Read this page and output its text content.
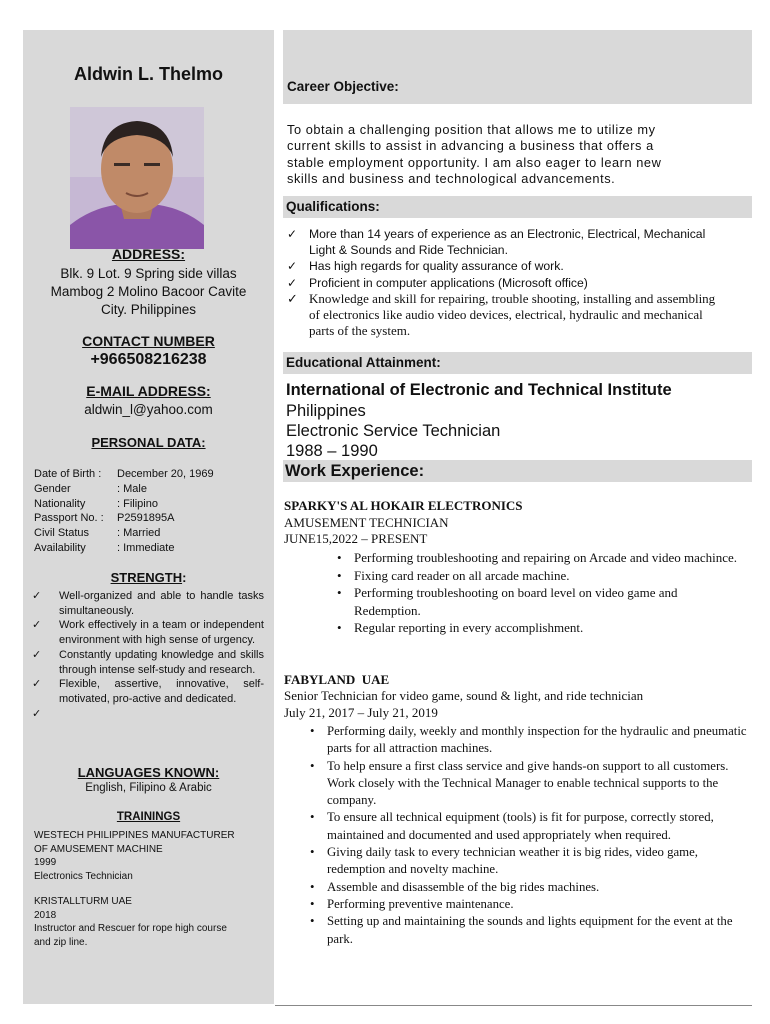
Aldwin L. Thelmo
ADDRESS:
Blk. 9 Lot. 9 Spring side villas
Mambog 2 Molino Bacoor Cavite
City. Philippines
CONTACT NUMBER
+966508216238
E-MAIL ADDRESS:
aldwin_l@yahoo.com
PERSONAL DATA:
Date of Birth : December 20, 1969
Gender	: Male
Nationality	: Filipino
Passport No. : P2591895A
Civil Status	: Married
Availability	: Immediate
STRENGTH:
✓ Well-organized and able to handle tasks simultaneously.
✓ Work effectively in a team or independent environment with high sense of urgency.
✓ Constantly updating knowledge and skills through intense self-study and research.
✓ Flexible, assertive, innovative, self-motivated, pro-active and dedicated.
✓
LANGUAGES KNOWN:
English, Filipino & Arabic
TRAININGS
WESTECH PHILIPPINES MANUFACTURER
OF AMUSEMENT MACHINE
1999
Electronics Technician
KRISTALLTURM UAE
2018
Instructor and Rescuer for rope high course
and zip line.
Career Objective:
To obtain a challenging position that allows me to utilize my
current skills to assist in advancing a business that offers a
stable employment opportunity. I am also eager to learn new
skills and business and technological advancements.
Qualifications:
✓ More than 14 years of experience as an Electronic, Electrical, Mechanical Light & Sounds and Ride Technician.
✓ Has high regards for quality assurance of work.
✓ Proficient in computer applications (Microsoft office)
✓ Knowledge and skill for repairing, trouble shooting, installing and assembling of electronics like audio video devices, electrical, hydraulic and mechanical parts of the system.
Educational Attainment:
International of Electronic and Technical Institute
Philippines
Electronic Service Technician
1988 – 1990
Work Experience:
SPARKY'S AL HOKAIR ELECTRONICS
AMUSEMENT TECHNICIAN
JUNE15,2022 – PRESENT
• Performing troubleshooting and repairing on Arcade and video machince.
• Fixing card reader on all arcade machine.
• Performing troubleshooting on board level on video game and Redemption.
• Regular reporting in every accomplishment.
FABYLAND  UAE
Senior Technician for video game, sound & light, and ride technician
July 21, 2017 – July 21, 2019
• Performing daily, weekly and monthly inspection for the hydraulic and pneumatic parts for all attraction machines.
• To help ensure a first class service and give hands-on support to all customers. Work closely with the Technical Manager to enable technical supports to the company.
• To ensure all technical equipment (tools) is fit for purpose, correctly stored, maintained and documented and used appropriately when required.
• Giving daily task to every technician weather it is big rides, video game, redemption and novelty machine.
• Assemble and disassemble of the big rides machines.
• Performing preventive maintenance.
• Setting up and maintaining the sounds and lights equipment for the event at the park.
